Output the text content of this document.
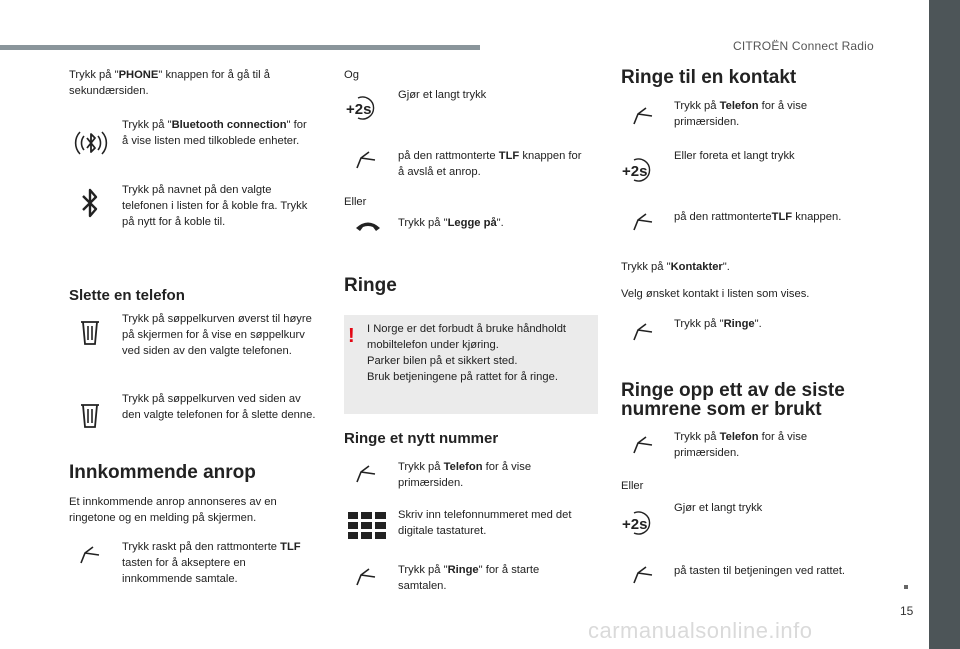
CITROËN Connect Radio
15
carmanualsonline.info

Trykk på "PHONE" knappen for å gå til å sekundærsiden.

Trykk på "Bluetooth connection" for å vise listen med tilkoblede enheter.

Trykk på navnet på den valgte telefonen i listen for å koble fra. Trykk på nytt for å koble til.

Slette en telefon

Trykk på søppelkurven øverst til høyre på skjermen for å vise en søppelkurv ved siden av den valgte telefonen.

Trykk på søppelkurven ved siden av den valgte telefonen for å slette denne.

Innkommende anrop

Et innkommende anrop annonseres av en ringetone og en melding på skjermen.

Trykk raskt på den rattmonterte TLF tasten for å akseptere en innkommende samtale.

Og

+2s

Gjør et langt trykk

på den rattmonterte TLF knappen for å avslå et anrop.

Eller

Trykk på "Legge på".

Ringe
! I Norge er det forbudt å bruke håndholdt mobiltelefon under kjøring.

Parker bilen på et sikkert sted.

Bruk betjeningene på rattet for å ringe.

Ringe et nytt nummer

Trykk på Telefon for å vise primærsiden.

Skriv inn telefonnummeret med det digitale tastaturet.

Trykk på "Ringe" for å starte samtalen.

Ringe til en kontakt

Trykk på Telefon for å vise primærsiden.

+2s

Eller foreta et langt trykk

på den rattmonterteTLF knappen.

Trykk på "Kontakter".

Velg ønsket kontakt i listen som vises.

Trykk på "Ringe".

Ringe opp ett av de siste
numrene som er brukt

Trykk på Telefon for å vise primærsiden.

Eller

+2s

Gjør et langt trykk

på tasten til betjeningen ved rattet.
